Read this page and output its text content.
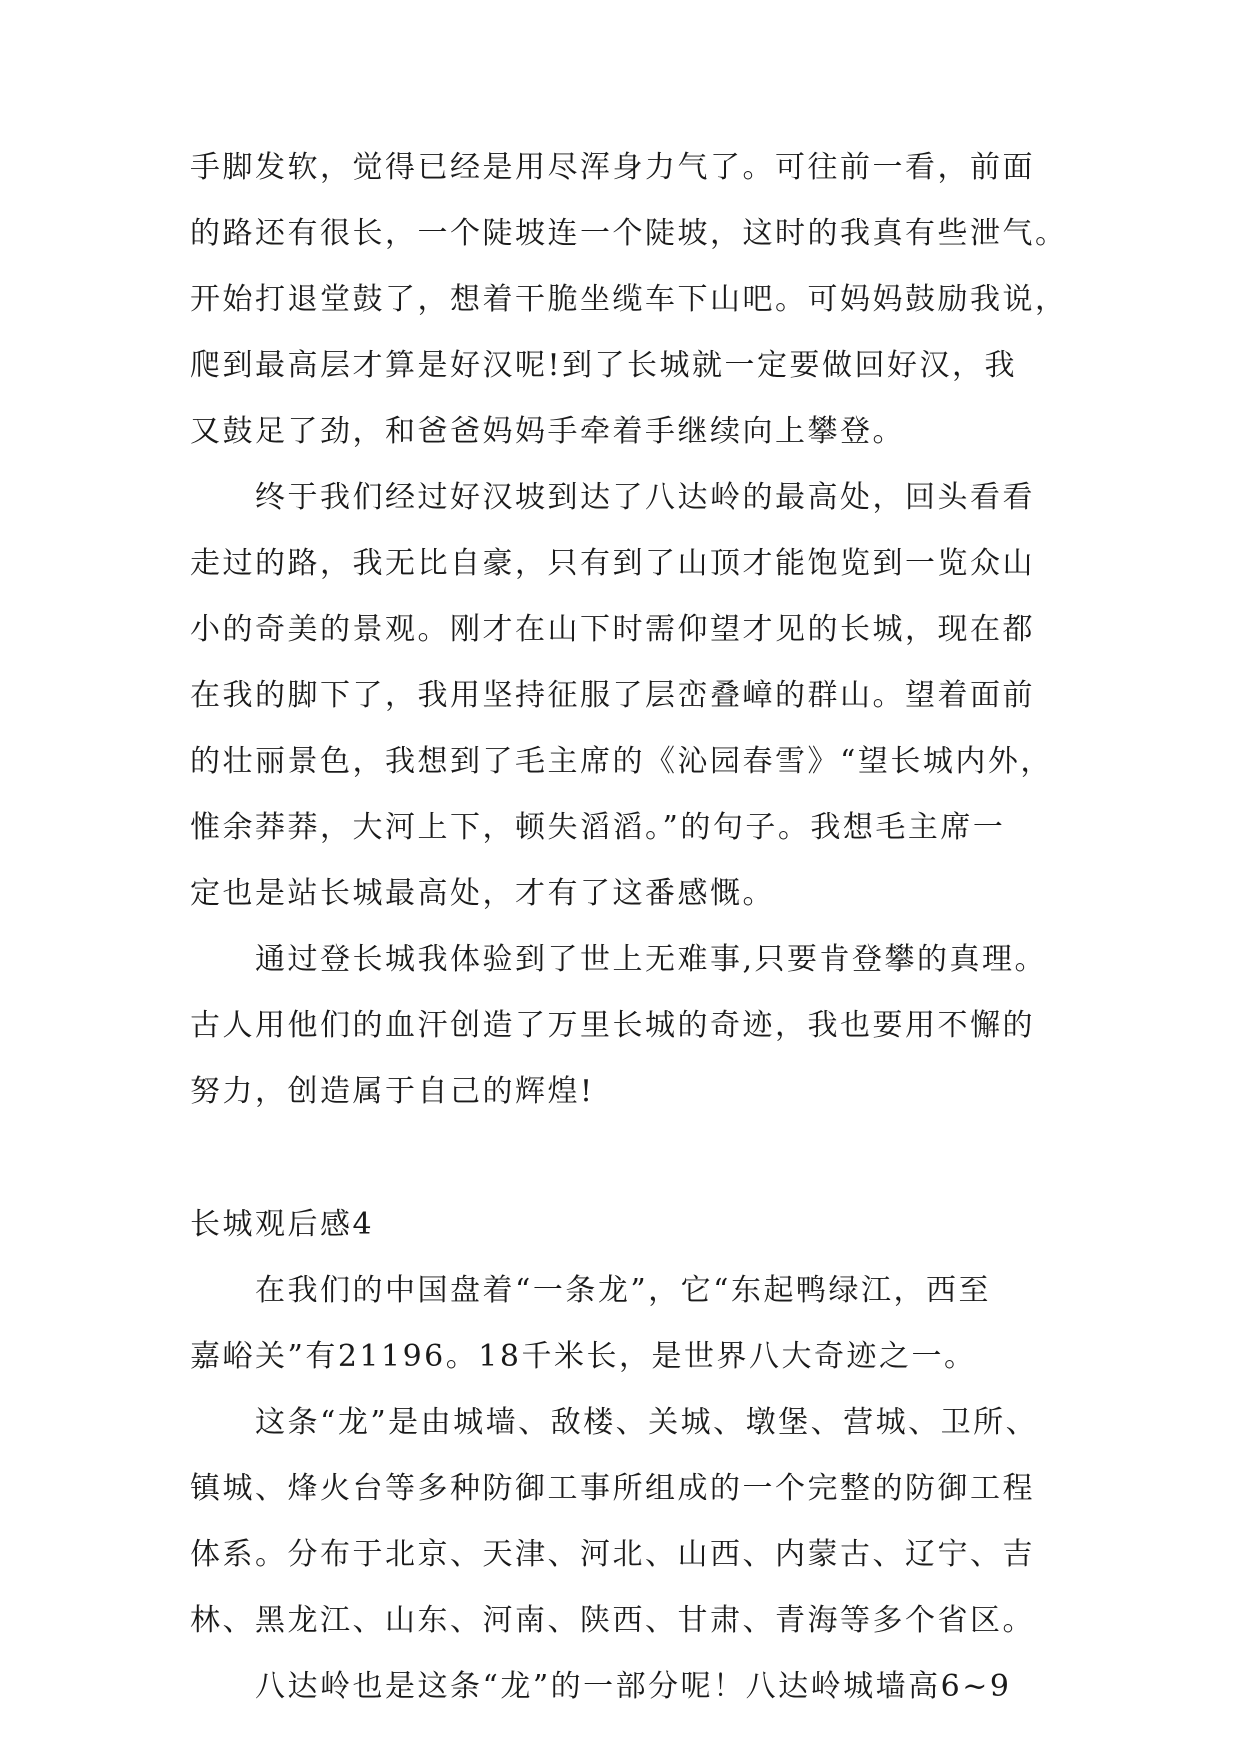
手脚发软，觉得已经是用尽浑身力气了。可往前一看，前面
的路还有很长，一个陡坡连一个陡坡，这时的我真有些泄气。
开始打退堂鼓了，想着干脆坐缆车下山吧。可妈妈鼓励我说，
爬到最高层才算是好汉呢!到了长城就一定要做回好汉，我
又鼓足了劲，和爸爸妈妈手牵着手继续向上攀登。
终于我们经过好汉坡到达了八达岭的最高处，回头看看
走过的路，我无比自豪，只有到了山顶才能饱览到一览众山
小的奇美的景观。刚才在山下时需仰望才见的长城，现在都
在我的脚下了，我用坚持征服了层峦叠嶂的群山。望着面前
的壮丽景色，我想到了毛主席的《沁园春雪》“望长城内外，
惟余莽莽，大河上下，顿失滔滔。”的句子。我想毛主席一
定也是站长城最高处，才有了这番感慨。
通过登长城我体验到了世上无难事,只要肯登攀的真理。
古人用他们的血汗创造了万里长城的奇迹，我也要用不懈的
努力，创造属于自己的辉煌!
长城观后感4
在我们的中国盘着“一条龙”，它“东起鸭绿江，西至
嘉峪关”有21196。18千米长，是世界八大奇迹之一。
这条“龙”是由城墙、敌楼、关城、墩堡、营城、卫所、
镇城、烽火台等多种防御工事所组成的一个完整的防御工程
体系。分布于北京、天津、河北、山西、内蒙古、辽宁、吉
林、黑龙江、山东、河南、陕西、甘肃、青海等多个省区。
八达岭也是这条“龙”的一部分呢！八达岭城墙高6~9
